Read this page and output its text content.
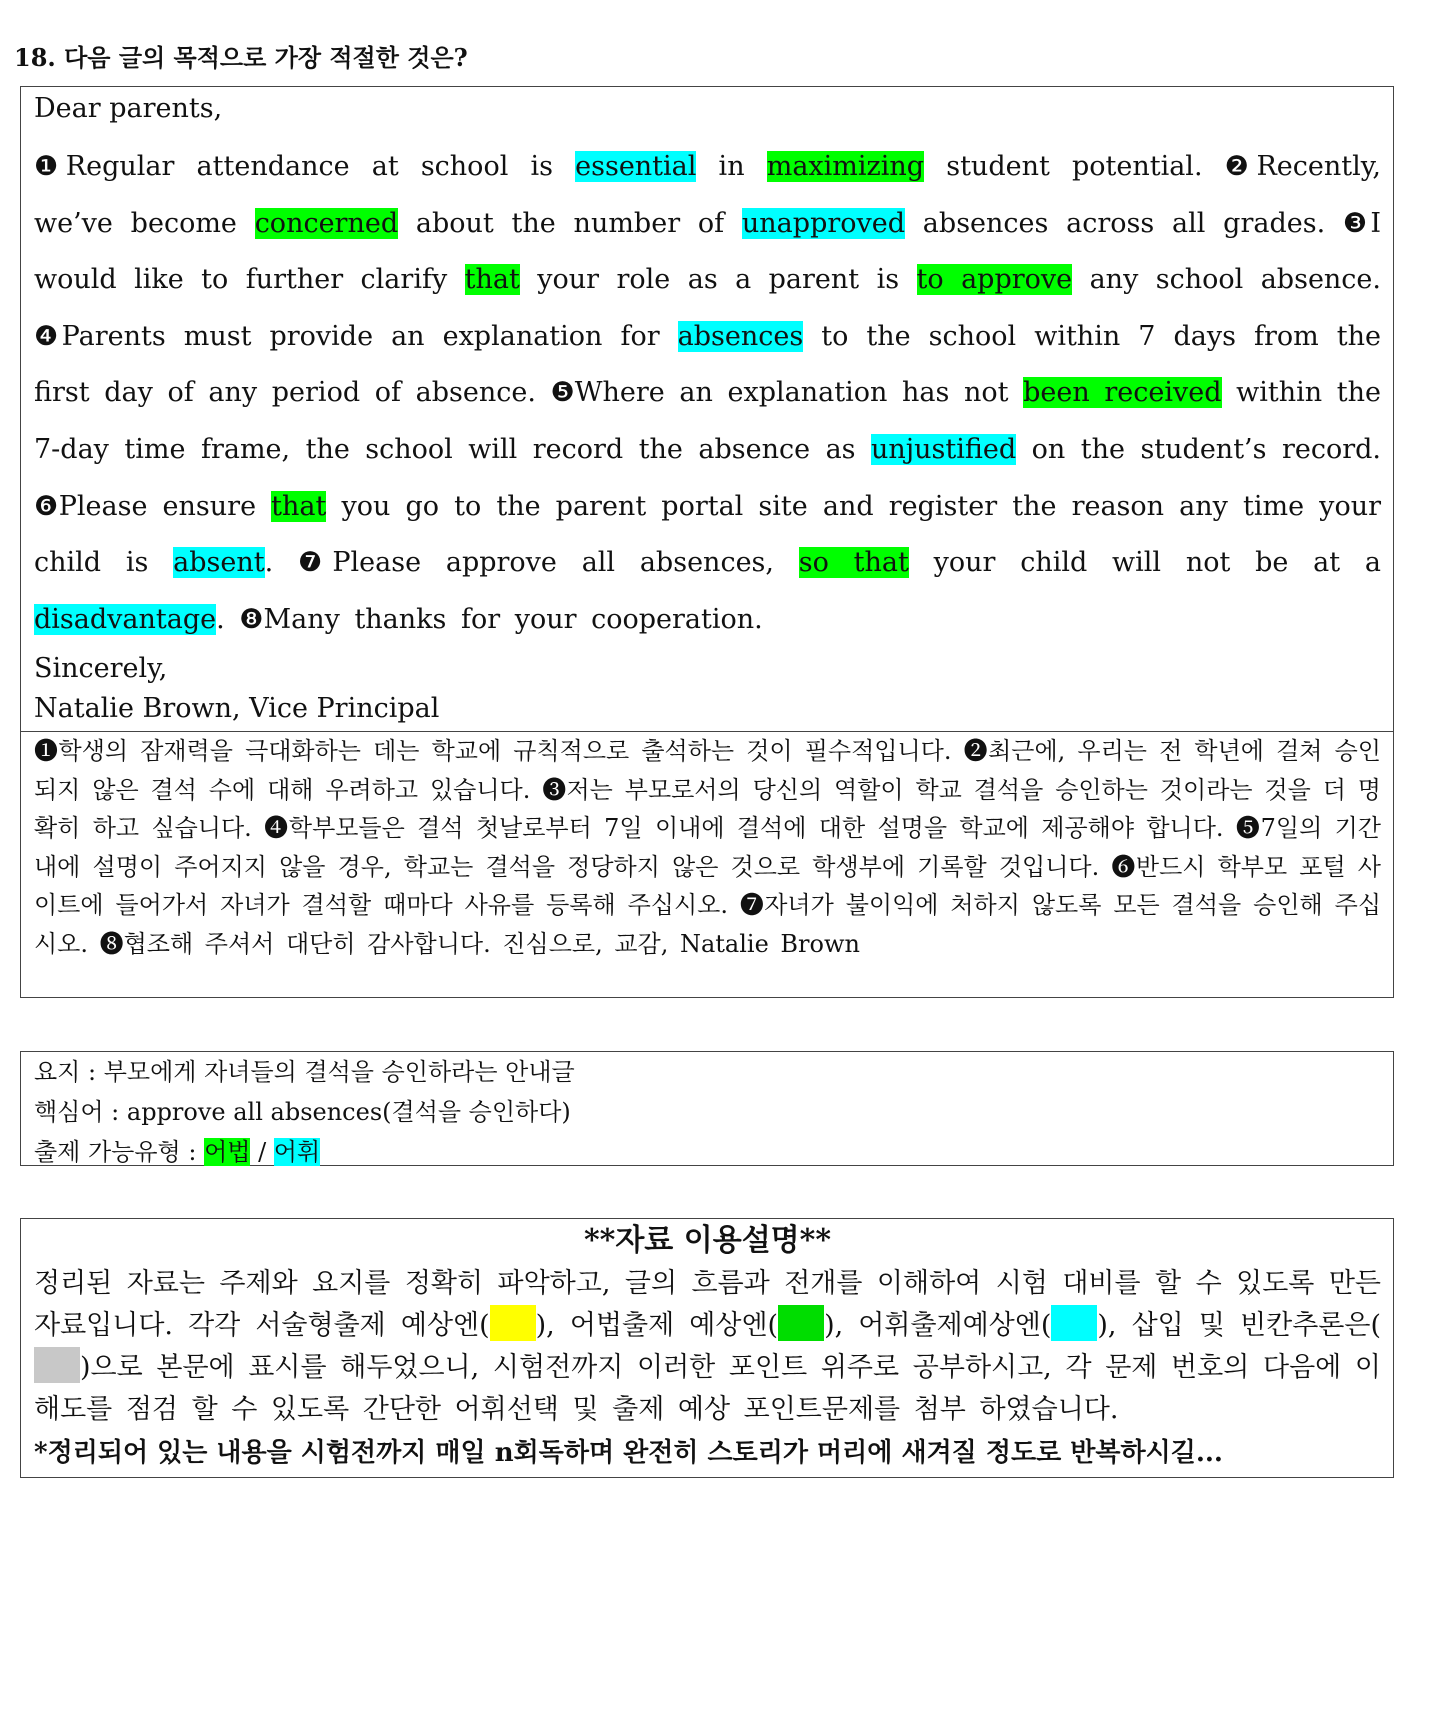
18. 다음 글의 목적으로 가장 적절한 것은?
Dear parents,
❶Regular attendance at school is essential in maximizing student potential. ❷Recently, we’ve become concerned about the number of unapproved absences across all grades. ❸I would like to further clarify that your role as a parent is to approve any school absence. ❹Parents must provide an explanation for absences to the school within 7 days from the first day of any period of absence. ❺Where an explanation has not been received within the 7-day time frame, the school will record the absence as unjustified on the student’s record. ❻Please ensure that you go to the parent portal site and register the reason any time your child is absent. ❼Please approve all absences, so that your child will not be at a disadvantage. ❽Many thanks for your cooperation.
Sincerely,
Natalie Brown, Vice Principal
❶학생의 잠재력을 극대화하는 데는 학교에 규칙적으로 출석하는 것이 필수적입니다. ❷최근에, 우리는 전 학년에 걸쳐 승인되지 않은 결석 수에 대해 우려하고 있습니다. ❸저는 부모로서의 당신의 역할이 학교 결석을 승인하는 것이라는 것을 더 명확히 하고 싶습니다. ❹학부모들은 결석 첫날로부터 7일 이내에 결석에 대한 설명을 학교에 제공해야 합니다. ❺7일의 기간 내에 설명이 주어지지 않을 경우, 학교는 결석을 정당하지 않은 것으로 학생부에 기록할 것입니다. ❻반드시 학부모 포털 사이트에 들어가서 자녀가 결석할 때마다 사유를 등록해 주십시오. ❼자녀가 불이익에 처하지 않도록 모든 결석을 승인해 주십시오. ❽협조해 주셔서 대단히 감사합니다. 진심으로, 교감, Natalie Brown
요지 : 부모에게 자녀들의 결석을 승인하라는 안내글
핵심어 : approve all absences(결석을 승인하다)
출제 가능유형 : 어법 / 어휘
**자료 이용설명**
정리된 자료는 주제와 요지를 정확히 파악하고, 글의 흐름과 전개를 이해하여 시험 대비를 할 수 있도록 만든 자료입니다. 각각 서술형출제 예상엔( ), 어법출제 예상엔( ), 어휘출제예상엔( ), 삽입 및 빈칸추론은()으로 본문에 표시를 해두었으니, 시험전까지 이러한 포인트 위주로 공부하시고, 각 문제 번호의 다음에 이해도를 점검 할 수 있도록 간단한 어휘선택 및 출제 예상 포인트문제를 첨부 하였습니다.
*정리되어 있는 내용을 시험전까지 매일 n회독하며 완전히 스토리가 머리에 새겨질 정도로 반복하시길...
